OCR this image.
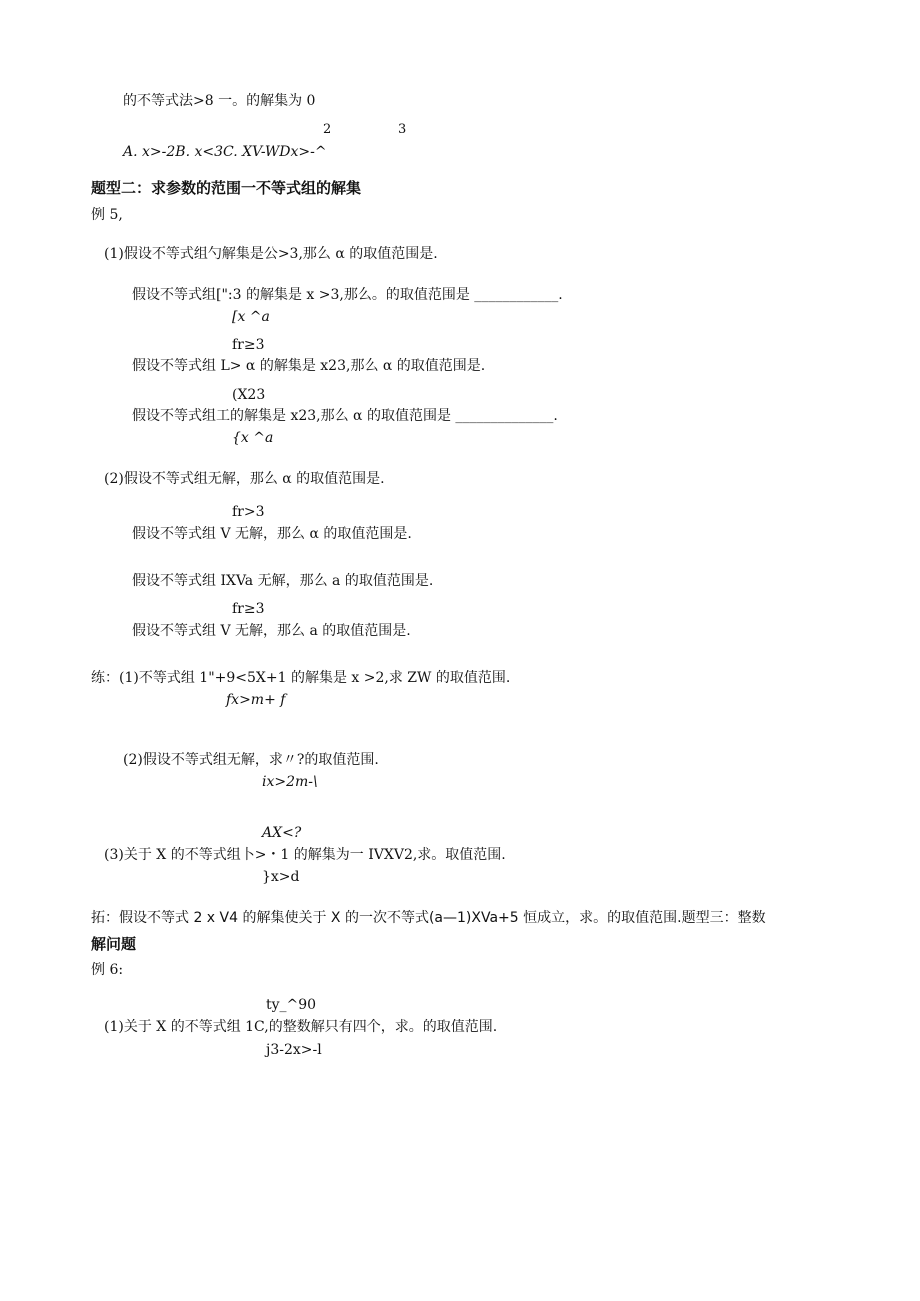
的不等式法>8 一。的解集为 0
2	3
A. x>-2B. x<3C. XV-WDx>-^
题型二：求参数的范围一不等式组的解集
例 5,
(1)假设不等式组勺解集是公>3,那么 α 的取值范围是.
假设不等式组[":3 的解集是 x >3,那么。的取值范围是 ____________.
[x ^a
fr≥3
假设不等式组 L> α 的解集是 x23,那么 α 的取值范围是.
(X23
假设不等式组工的解集是 x23,那么 α 的取值范围是 ______________.
{x ^a
(2)假设不等式组无解，那么 α 的取值范围是.
fr>3
假设不等式组 V 无解，那么 α 的取值范围是.
假设不等式组 IXVa 无解，那么 a 的取值范围是.
fr≥3
假设不等式组 V 无解，那么 a 的取值范围是.
练：(1)不等式组 1"+9<5X+1 的解集是 x >2,求 ZW 的取值范围.
fx>m+ f
(2)假设不等式组无解，求〃?的取值范围.
ix>2m-\
AX<?
(3)关于 X 的不等式组卜>・1 的解集为一 IVXV2,求。取值范围.
}x>d
拓：假设不等式 2 x V4 的解集使关于 X 的一次不等式(a—1)XVa+5 恒成立，求。的取值范围.题型三：整数
解问题
例 6:
ty_^90
(1)关于 X 的不等式组 1C,的整数解只有四个，求。的取值范围.
j3-2x>-l
